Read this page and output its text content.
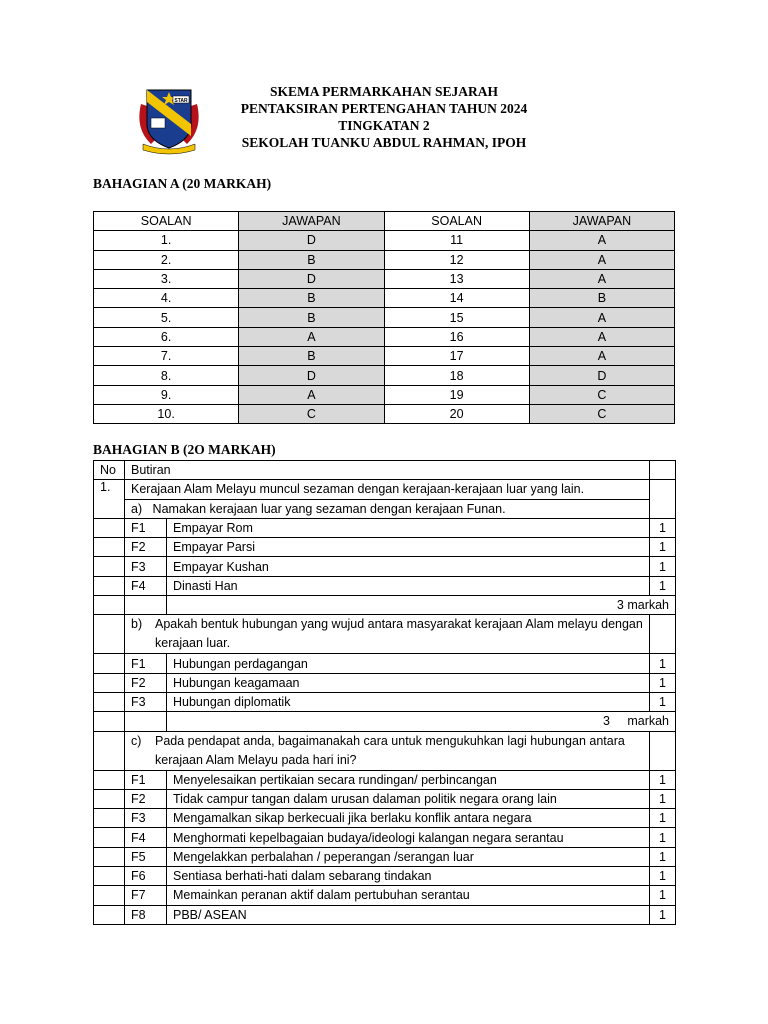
STAR
SKEMA PERMARKAHAN SEJARAH
PENTAKSIRAN PERTENGAHAN TAHUN 2024
TINGKATAN 2
SEKOLAH TUANKU ABDUL RAHMAN, IPOH
BAHAGIAN A (20 MARKAH)
SOALAN	JAWAPAN	SOALAN	JAWAPAN
1.	D	11	A
2.	B	12	A
3.	D	13	A
4.	B	14	B
5.	B	15	A
6.	A	16	A
7.	B	17	A
8.	D	18	D
9.	A	19	C
10.	C	20	C
BAHAGIAN B (2O MARKAH)
No	Butiran		
1.	Kerajaan Alam Melayu muncul sezaman dengan kerajaan-kerajaan luar yang lain.		
	a) Namakan kerajaan luar yang sezaman dengan kerajaan Funan.		
	F1	Empayar Rom	1
	F2	Empayar Parsi	1
	F3	Empayar Kushan	1
	F4	Dinasti Han	1
		3 markah	

	b) Apakah bentuk hubungan yang wujud antara masyarakat kerajaan Alam melayu dengan kerajaan luar.		

	F1	Hubungan perdagangan	1
	F2	Hubungan keagamaan	1
	F3	Hubungan diplomatik	1
		3     markah	

	c) Pada pendapat anda, bagaimanakah cara untuk mengukuhkan lagi hubungan antara kerajaan Alam Melayu pada hari ini?		

	F1	Menyelesaikan pertikaian secara rundingan/ perbincangan	1
	F2	Tidak campur tangan dalam urusan dalaman politik negara orang lain	1
	F3	Mengamalkan sikap berkecuali jika berlaku konflik antara negara	1
	F4	Menghormati kepelbagaian budaya/ideologi kalangan negara serantau	1
	F5	Mengelakkan perbalahan / peperangan /serangan luar	1
	F6	Sentiasa berhati-hati dalam sebarang tindakan	1
	F7	Memainkan peranan aktif dalam pertubuhan serantau	1
	F8	PBB/ ASEAN	1
